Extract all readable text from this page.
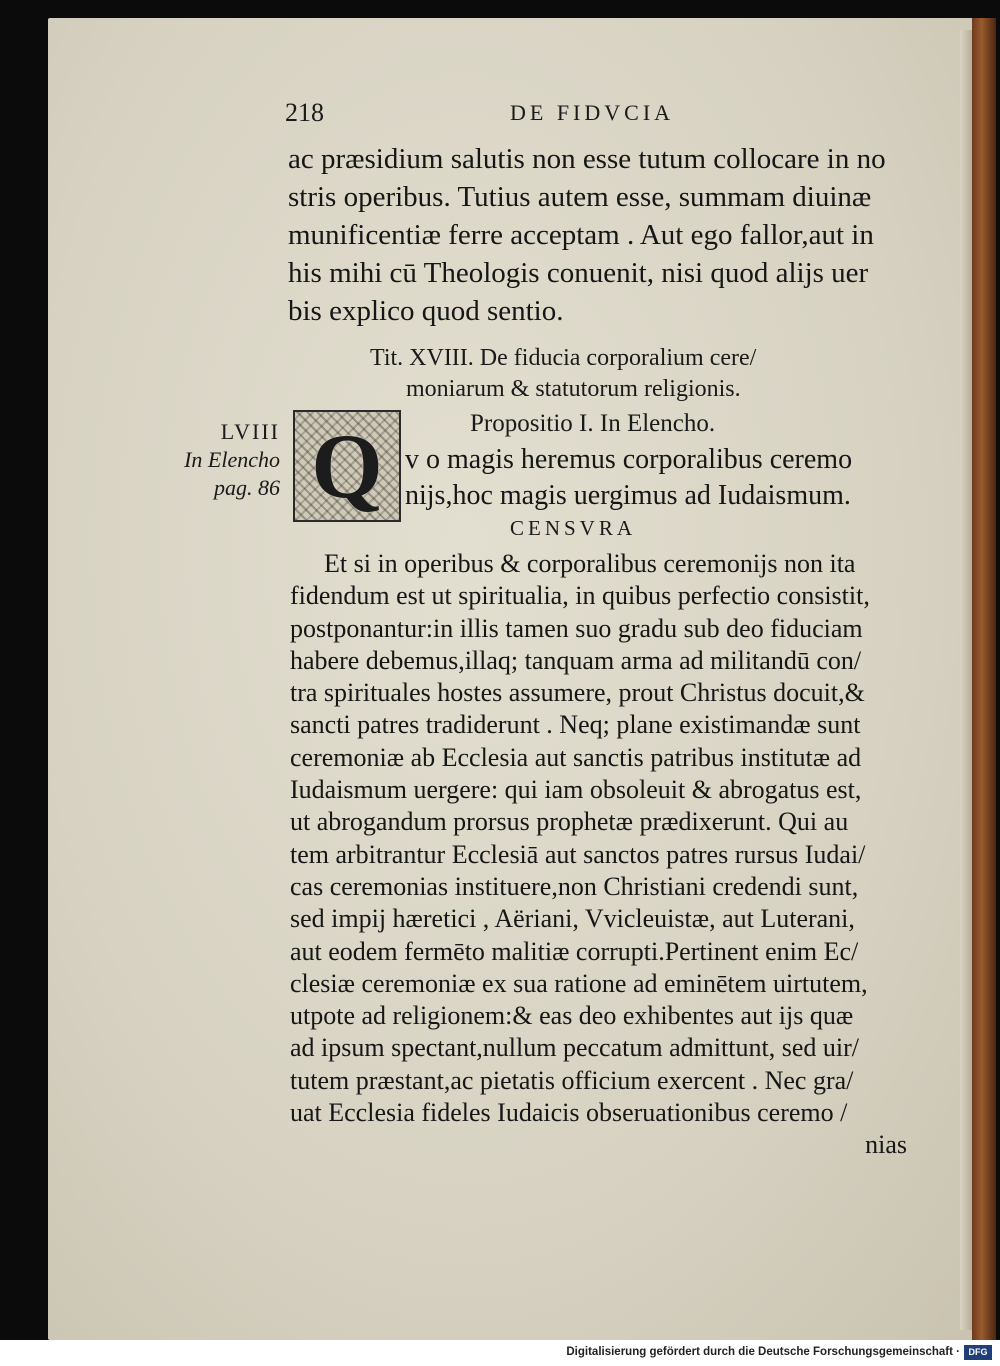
218	DE FIDVCIA
ac præsidium salutis non esse tutum collocare in no
stris operibus. Tutius autem esse, summam diuinæ
munificentiæ ferre acceptam . Aut ego fallor,aut in
his mihi cū Theologis conuenit, nisi quod alijs uer
bis explico quod sentio.
Tit. XVIII. De fiducia corporalium cere/
moniarum & statutorum religionis.
LVIII
In Elencho
pag. 86 Q	Propositio I. In Elencho.
v o magis heremus corporalibus ceremo
nijs,hoc magis uergimus ad Iudaismum.
CENSVRA
Et si in operibus & corporalibus ceremonijs non ita
fidendum est ut spiritualia, in quibus perfectio consistit,
postponantur:in illis tamen suo gradu sub deo fiduciam
habere debemus,illaq; tanquam arma ad militandū con/
tra spirituales hostes assumere, prout Christus docuit,&
sancti patres tradiderunt . Neq; plane existimandæ sunt
ceremoniæ ab Ecclesia aut sanctis patribus institutæ ad
Iudaismum uergere: qui iam obsoleuit & abrogatus est,
ut abrogandum prorsus prophetæ prædixerunt. Qui au
tem arbitrantur Ecclesiā aut sanctos patres rursus Iudai/
cas ceremonias instituere,non Christiani credendi sunt,
sed impij hæretici , Aëriani, Vvicleuistæ, aut Luterani,
aut eodem fermēto malitiæ corrupti.Pertinent enim Ec/
clesiæ ceremoniæ ex sua ratione ad eminētem uirtutem,
utpote ad religionem:& eas deo exhibentes aut ijs quæ
ad ipsum spectant,nullum peccatum admittunt, sed uir/
tutem præstant,ac pietatis officium exercent . Nec gra/
uat Ecclesia fideles Iudaicis obseruationibus ceremo /
nias
Digitalisierung gefördert durch die Deutsche Forschungsgemeinschaft · DFG
